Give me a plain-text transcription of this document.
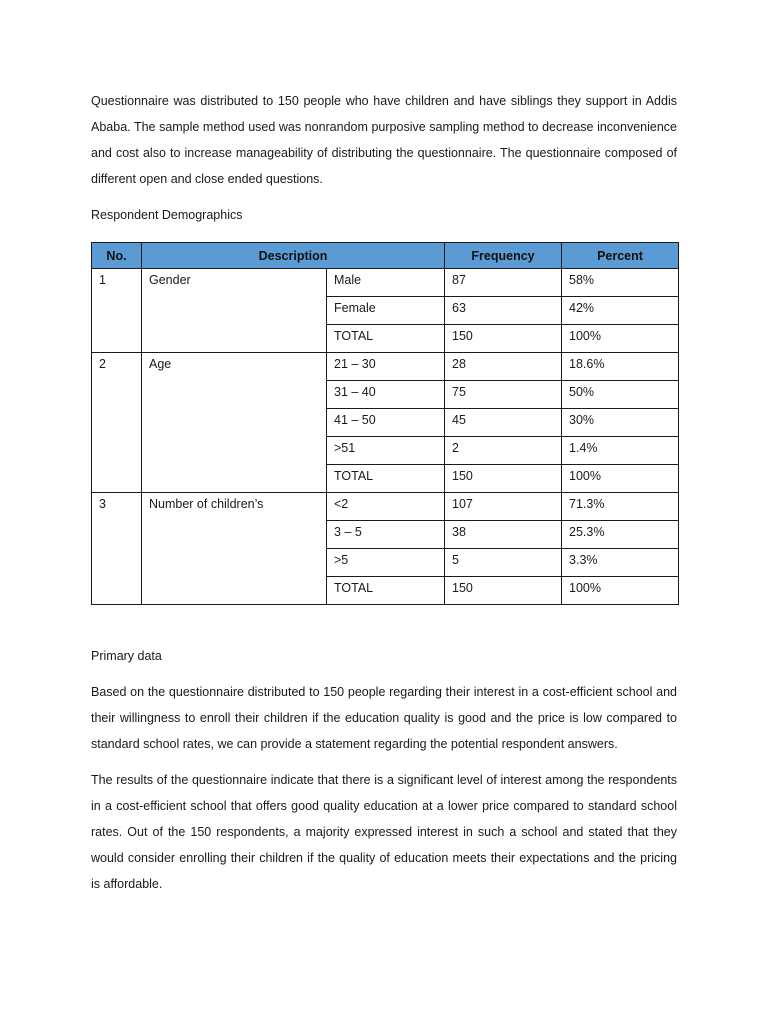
Questionnaire was distributed to 150 people who have children and have siblings they support in Addis Ababa. The sample method used was nonrandom purposive sampling method to decrease inconvenience and cost also to increase manageability of distributing the questionnaire. The questionnaire composed of different open and close ended questions.

Respondent Demographics

No.	Description		Frequency	Percent
1	Gender	Male	87	58%
		Female	63	42%
		TOTAL	150	100%
2	Age	21 – 30	28	18.6%
		31 – 40	75	50%
		41 – 50	45	30%
		>51	2	1.4%
		TOTAL	150	100%
3	Number of children’s	<2	107	71.3%
		3 – 5	38	25.3%
		>5	5	3.3%
		TOTAL	150	100%

Primary data

Based on the questionnaire distributed to 150 people regarding their interest in a cost-efficient school and their willingness to enroll their children if the education quality is good and the price is low compared to standard school rates, we can provide a statement regarding the potential respondent answers.

The results of the questionnaire indicate that there is a significant level of interest among the respondents in a cost-efficient school that offers good quality education at a lower price compared to standard school rates. Out of the 150 respondents, a majority expressed interest in such a school and stated that they would consider enrolling their children if the quality of education meets their expectations and the pricing is affordable.
